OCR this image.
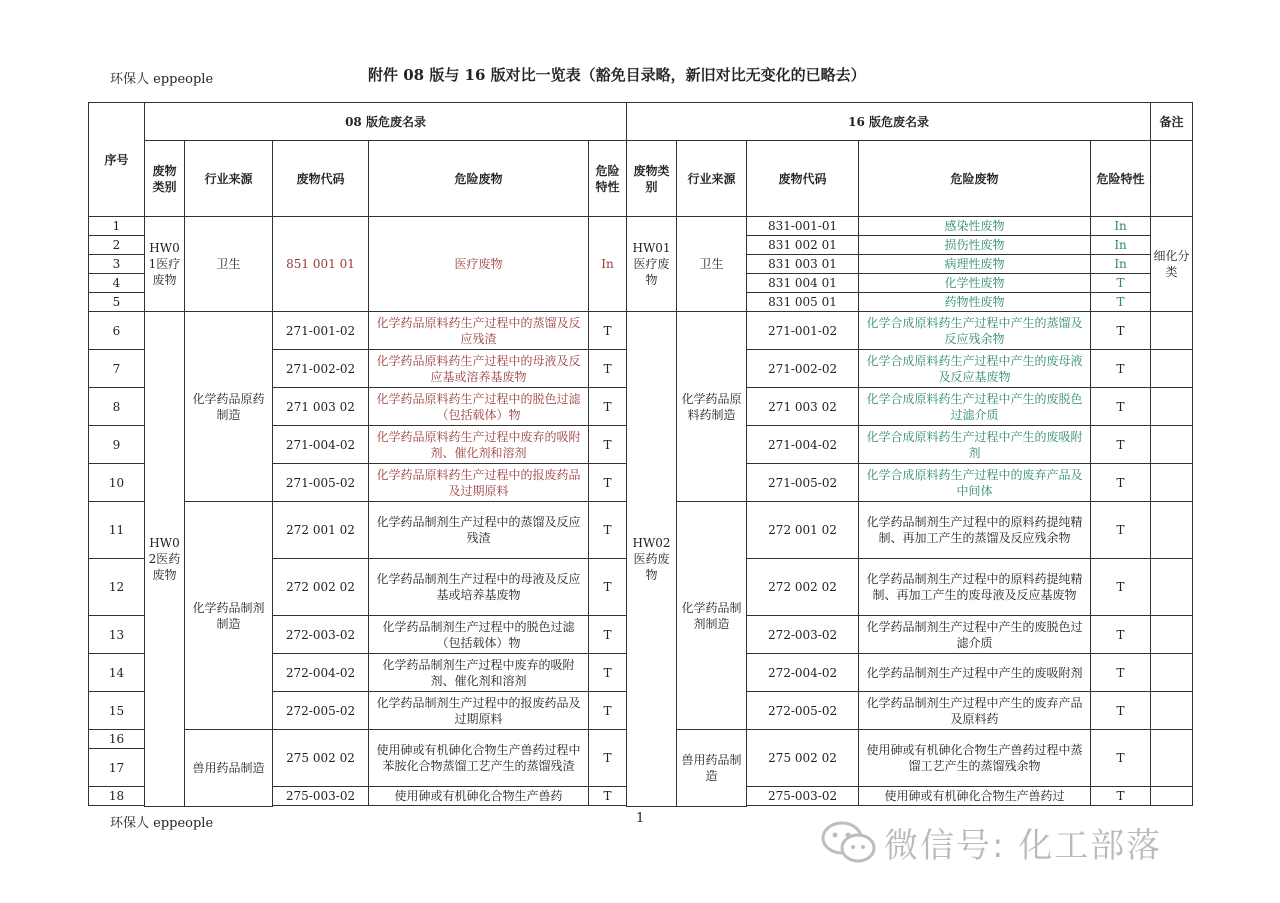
环保人 eppeople	附件 08 版与 16 版对比一览表（豁免目录略，新旧对比无变化的已略去）
序号	08 版危废名录					16 版危废名录					备注
	废物类别	行业来源	废物代码	危险废物	危险特性	废物类别	行业来源	废物代码	危险废物	危险特性	
1	HW01医疗废物	卫生	851 001 01	医疗废物	In	HW01医疗废物	卫生	831-001-01	感染性废物	In	细化分类
2								831 002 01	损伤性废物	In	
3								831 003 01	病理性废物	In	
4								831 004 01	化学性废物	T	
5								831 005 01	药物性废物	T	
6	HW02医药废物	化学药品原药制造	271-001-02	化学药品原料药生产过程中的蒸馏及反应残渣	T	HW02医药废物	化学药品原料药制造	271-001-02	化学合成原料药生产过程中产生的蒸馏及反应残余物	T	
7			271-002-02	化学药品原料药生产过程中的母液及反应基或溶养基废物	T			271-002-02	化学合成原料药生产过程中产生的废母液及反应基废物	T	
8			271 003 02	化学药品原料药生产过程中的脱色过滤（包括载体）物	T			271 003 02	化学合成原料药生产过程中产生的废脱色过滤介质	T	
9			271-004-02	化学药品原料药生产过程中废弃的吸附剂、催化剂和溶剂	T			271-004-02	化学合成原料药生产过程中产生的废吸附剂	T	
10			271-005-02	化学药品原料药生产过程中的报废药品及过期原料	T			271-005-02	化学合成原料药生产过程中的废弃产品及中间体	T	
11		化学药品制剂制造	272 001 02	化学药品制剂生产过程中的蒸馏及反应残渣	T		化学药品制剂制造	272 001 02	化学药品制剂生产过程中的原料药提纯精制、再加工产生的蒸馏及反应残余物	T	
12			272 002 02	化学药品制剂生产过程中的母液及反应基或培养基废物	T			272 002 02	化学药品制剂生产过程中的原料药提纯精制、再加工产生的废母液及反应基废物	T	
13			272-003-02	化学药品制剂生产过程中的脱色过滤（包括载体）物	T			272-003-02	化学药品制剂生产过程中产生的废脱色过滤介质	T	
14			272-004-02	化学药品制剂生产过程中废弃的吸附剂、催化剂和溶剂	T			272-004-02	化学药品制剂生产过程中产生的废吸附剂	T	
15			272-005-02	化学药品制剂生产过程中的报废药品及过期原料	T			272-005-02	化学药品制剂生产过程中产生的废弃产品及原料药	T	
16		兽用药品制造	275 002 02	使用砷或有机砷化合物生产兽药过程中苯胺化合物蒸馏工艺产生的蒸馏残渣	T		兽用药品制造	275 002 02	使用砷或有机砷化合物生产兽药过程中蒸馏工艺产生的蒸馏残余物	T	
17											
18			275-003-02	使用砷或有机砷化合物生产兽药	T			275-003-02	使用砷或有机砷化合物生产兽药过	T	

环保人 eppeople	1
微信号: 化工部落
